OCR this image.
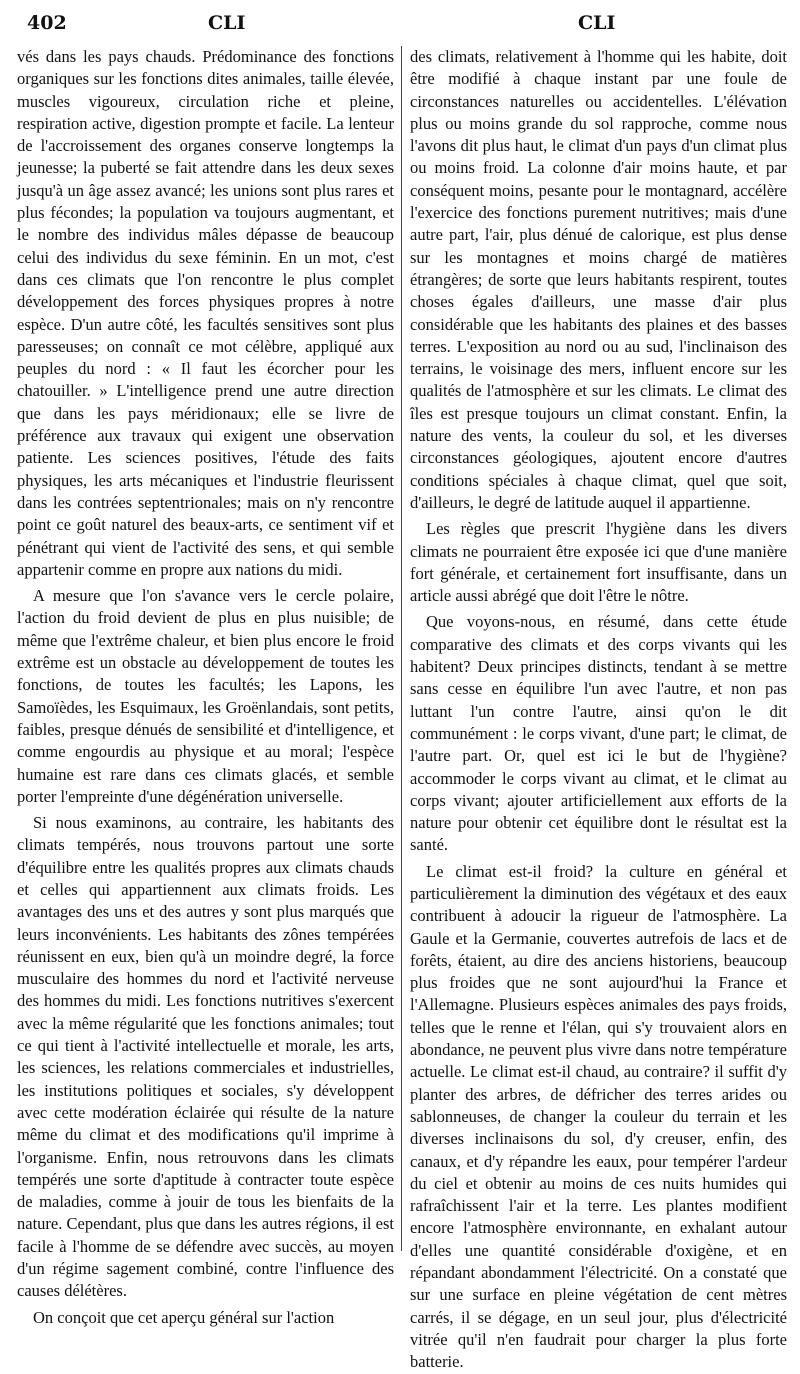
402	CLI	CLI

vés dans les pays chauds. Prédominance des fonctions organiques sur les fonctions dites animales, taille élevée, muscles vigoureux, circulation riche et pleine, respiration active, digestion prompte et facile. La lenteur de l'accroissement des organes conserve longtemps la jeunesse; la puberté se fait attendre dans les deux sexes jusqu'à un âge assez avancé; les unions sont plus rares et plus fécondes; la population va toujours augmentant, et le nombre des individus mâles dépasse de beaucoup celui des individus du sexe féminin. En un mot, c'est dans ces climats que l'on rencontre le plus complet développement des forces physiques propres à notre espèce. D'un autre côté, les facultés sensitives sont plus paresseuses; on connaît ce mot célèbre, appliqué aux peuples du nord : « Il faut les écorcher pour les chatouiller. » L'intelligence prend une autre direction que dans les pays méridionaux; elle se livre de préférence aux travaux qui exigent une observation patiente. Les sciences positives, l'étude des faits physiques, les arts mécaniques et l'industrie fleurissent dans les contrées septentrionales; mais on n'y rencontre point ce goût naturel des beaux-arts, ce sentiment vif et pénétrant qui vient de l'activité des sens, et qui semble appartenir comme en propre aux nations du midi.

A mesure que l'on s'avance vers le cercle polaire, l'action du froid devient de plus en plus nuisible; de même que l'extrême chaleur, et bien plus encore le froid extrême est un obstacle au développement de toutes les fonctions, de toutes les facultés; les Lapons, les Samoïèdes, les Esquimaux, les Groënlandais, sont petits, faibles, presque dénués de sensibilité et d'intelligence, et comme engourdis au physique et au moral; l'espèce humaine est rare dans ces climats glacés, et semble porter l'empreinte d'une dégénération universelle.

Si nous examinons, au contraire, les habitants des climats tempérés, nous trouvons partout une sorte d'équilibre entre les qualités propres aux climats chauds et celles qui appartiennent aux climats froids. Les avantages des uns et des autres y sont plus marqués que leurs inconvénients. Les habitants des zônes tempérées réunissent en eux, bien qu'à un moindre degré, la force musculaire des hommes du nord et l'activité nerveuse des hommes du midi. Les fonctions nutritives s'exercent avec la même régularité que les fonctions animales; tout ce qui tient à l'activité intellectuelle et morale, les arts, les sciences, les relations commerciales et industrielles, les institutions politiques et sociales, s'y développent avec cette modération éclairée qui résulte de la nature même du climat et des modifications qu'il imprime à l'organisme. Enfin, nous retrouvons dans les climats tempérés une sorte d'aptitude à contracter toute espèce de maladies, comme à jouir de tous les bienfaits de la nature. Cependant, plus que dans les autres régions, il est facile à l'homme de se défendre avec succès, au moyen d'un régime sagement combiné, contre l'influence des causes délétères.

On conçoit que cet aperçu général sur l'action

des climats, relativement à l'homme qui les habite, doit être modifié à chaque instant par une foule de circonstances naturelles ou accidentelles. L'élévation plus ou moins grande du sol rapproche, comme nous l'avons dit plus haut, le climat d'un pays d'un climat plus ou moins froid. La colonne d'air moins haute, et par conséquent moins, pesante pour le montagnard, accélère l'exercice des fonctions purement nutritives; mais d'une autre part, l'air, plus dénué de calorique, est plus dense sur les montagnes et moins chargé de matières étrangères; de sorte que leurs habitants respirent, toutes choses égales d'ailleurs, une masse d'air plus considérable que les habitants des plaines et des basses terres. L'exposition au nord ou au sud, l'inclinaison des terrains, le voisinage des mers, influent encore sur les qualités de l'atmosphère et sur les climats. Le climat des îles est presque toujours un climat constant. Enfin, la nature des vents, la couleur du sol, et les diverses circonstances géologiques, ajoutent encore d'autres conditions spéciales à chaque climat, quel que soit, d'ailleurs, le degré de latitude auquel il appartienne.

Les règles que prescrit l'hygiène dans les divers climats ne pourraient être exposée ici que d'une manière fort générale, et certainement fort insuffisante, dans un article aussi abrégé que doit l'être le nôtre.

Que voyons-nous, en résumé, dans cette étude comparative des climats et des corps vivants qui les habitent? Deux principes distincts, tendant à se mettre sans cesse en équilibre l'un avec l'autre, et non pas luttant l'un contre l'autre, ainsi qu'on le dit communément : le corps vivant, d'une part; le climat, de l'autre part. Or, quel est ici le but de l'hygiène? accommoder le corps vivant au climat, et le climat au corps vivant; ajouter artificiellement aux efforts de la nature pour obtenir cet équilibre dont le résultat est la santé.

Le climat est-il froid? la culture en général et particulièrement la diminution des végétaux et des eaux contribuent à adoucir la rigueur de l'atmosphère. La Gaule et la Germanie, couvertes autrefois de lacs et de forêts, étaient, au dire des anciens historiens, beaucoup plus froides que ne sont aujourd'hui la France et l'Allemagne. Plusieurs espèces animales des pays froids, telles que le renne et l'élan, qui s'y trouvaient alors en abondance, ne peuvent plus vivre dans notre température actuelle. Le climat est-il chaud, au contraire? il suffit d'y planter des arbres, de défricher des terres arides ou sablonneuses, de changer la couleur du terrain et les diverses inclinaisons du sol, d'y creuser, enfin, des canaux, et d'y répandre les eaux, pour tempérer l'ardeur du ciel et obtenir au moins de ces nuits humides qui rafraîchissent l'air et la terre. Les plantes modifient encore l'atmosphère environnante, en exhalant autour d'elles une quantité considérable d'oxigène, et en répandant abondamment l'électricité. On a constaté que sur une surface en pleine végétation de cent mètres carrés, il se dégage, en un seul jour, plus d'électricité vitrée qu'il n'en faudrait pour charger la plus forte batterie.
